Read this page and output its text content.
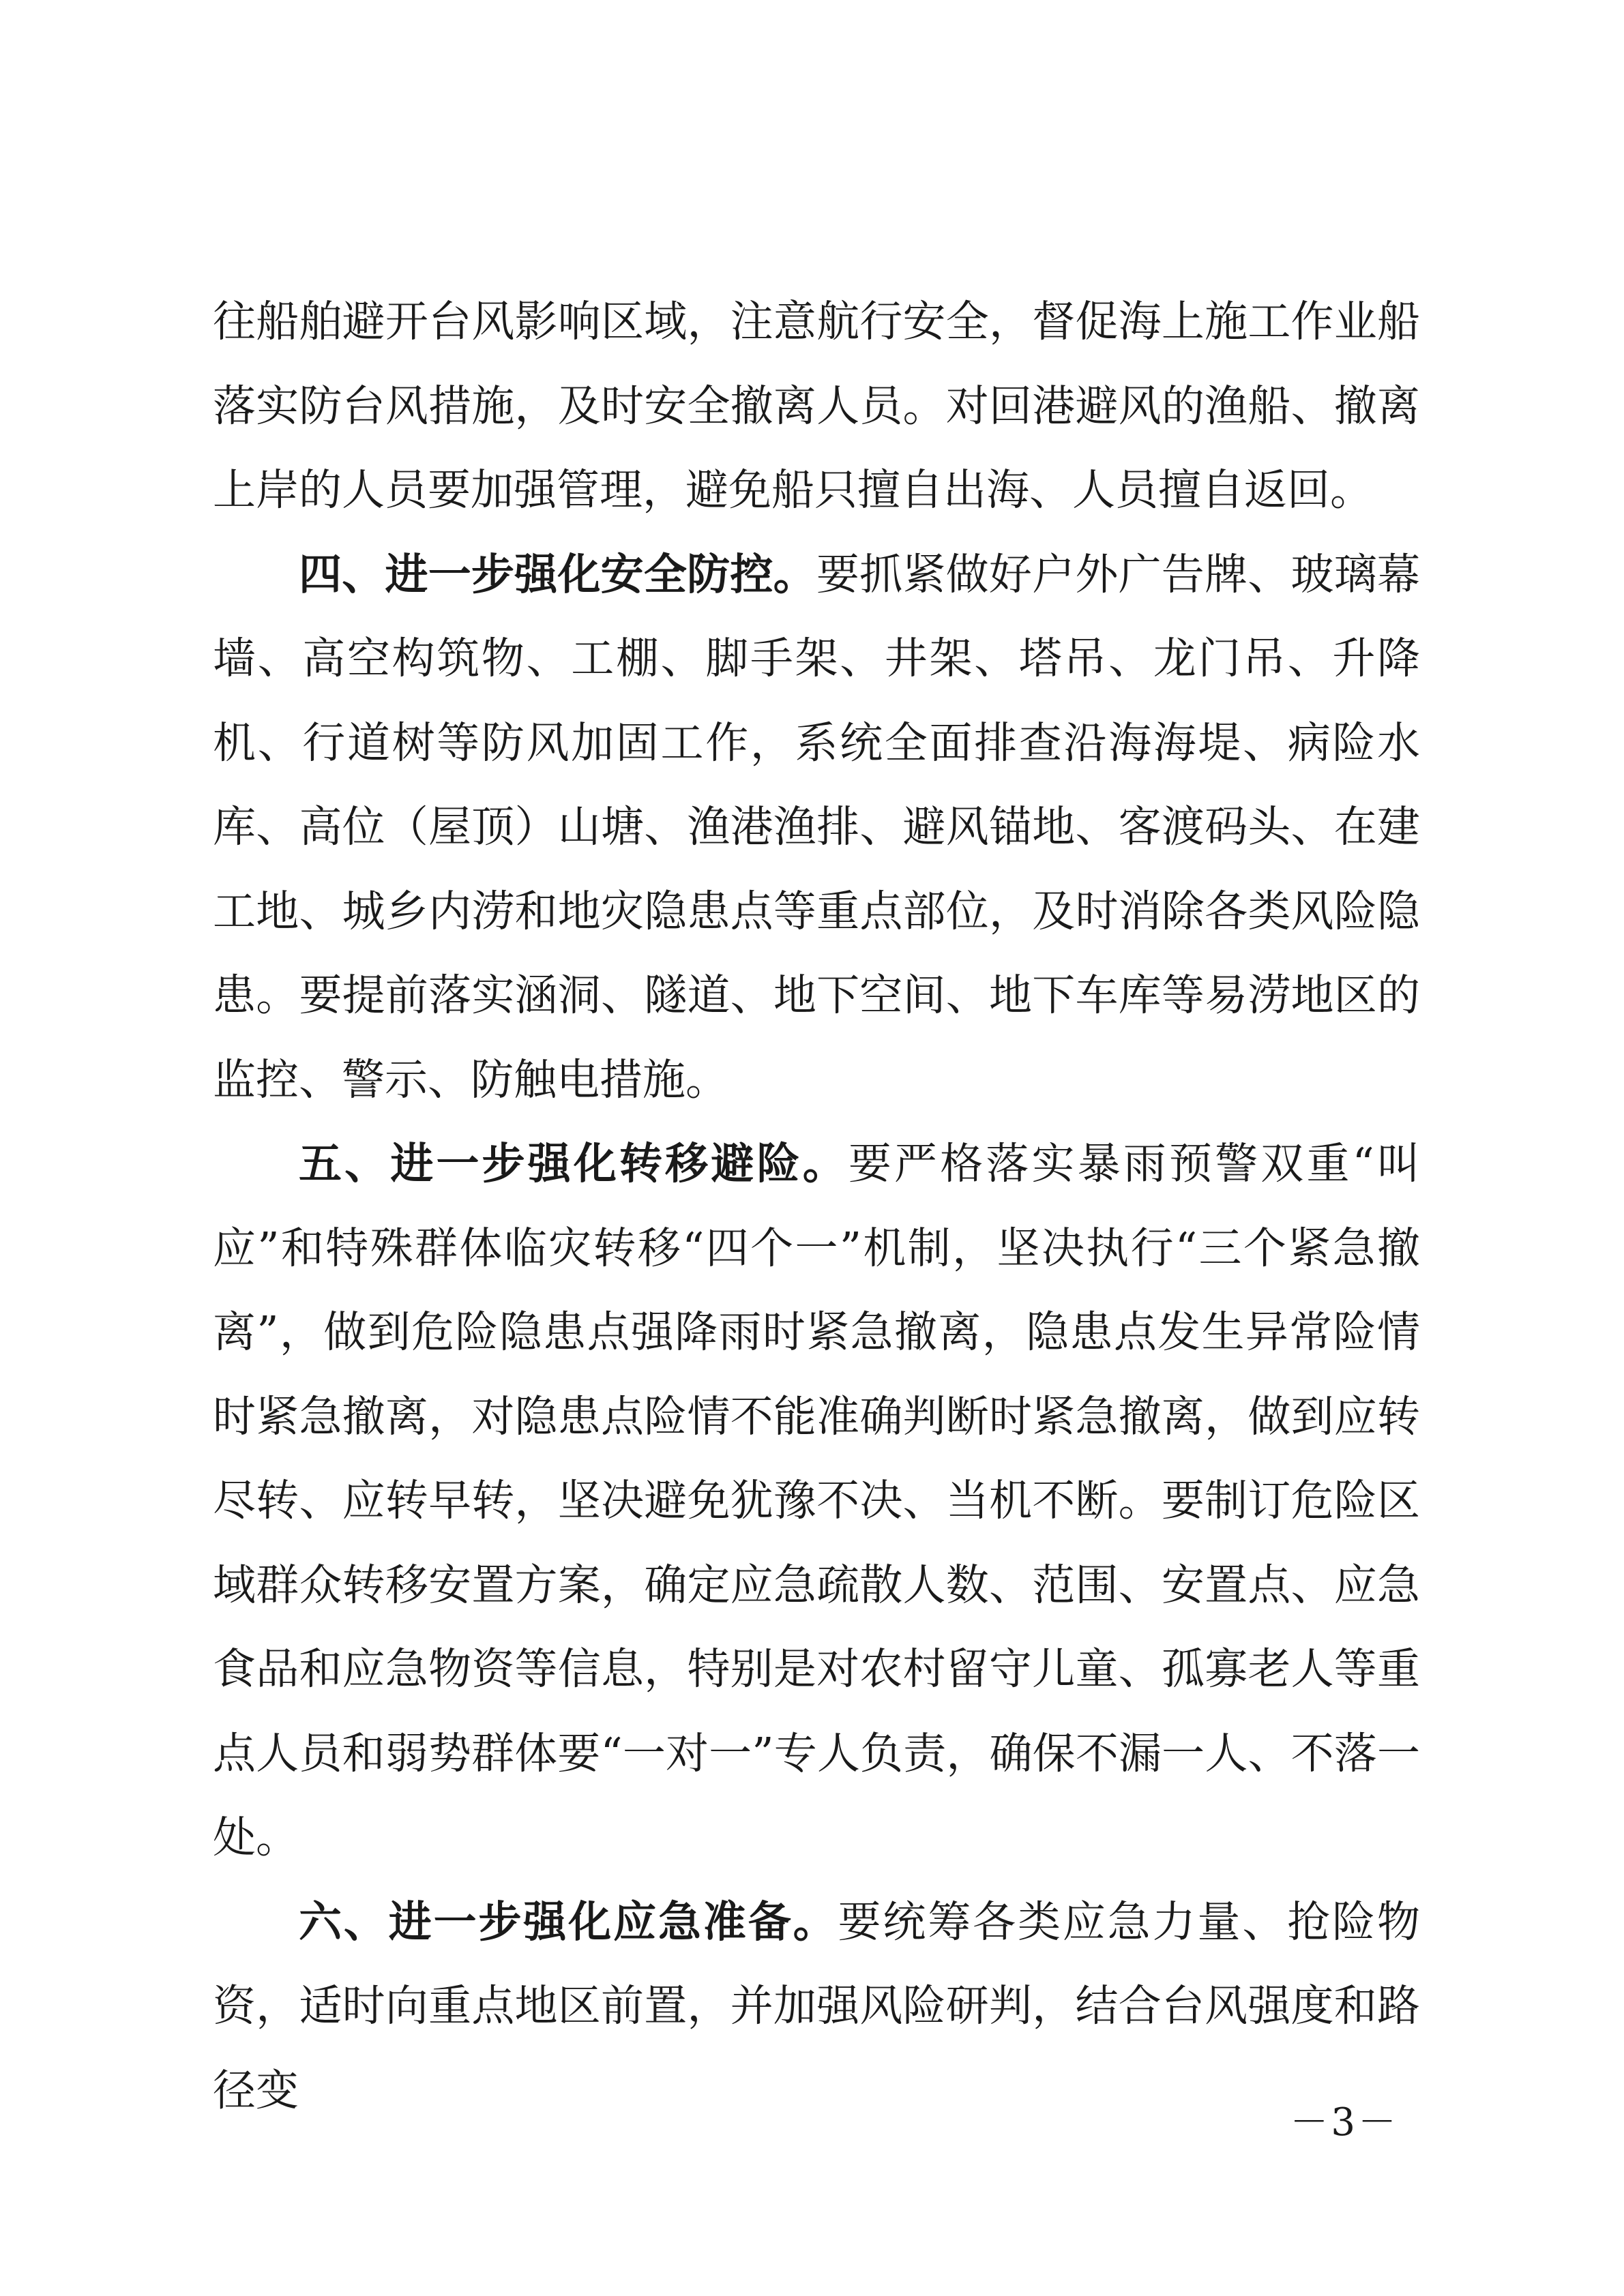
往船舶避开台风影响区域，注意航行安全，督促海上施工作业船落实防台风措施，及时安全撤离人员。对回港避风的渔船、撤离上岸的人员要加强管理，避免船只擅自出海、人员擅自返回。

四、进一步强化安全防控。要抓紧做好户外广告牌、玻璃幕墙、高空构筑物、工棚、脚手架、井架、塔吊、龙门吊、升降机、行道树等防风加固工作，系统全面排查沿海海堤、病险水库、高位（屋顶）山塘、渔港渔排、避风锚地、客渡码头、在建工地、城乡内涝和地灾隐患点等重点部位，及时消除各类风险隐患。要提前落实涵洞、隧道、地下空间、地下车库等易涝地区的监控、警示、防触电措施。

五、进一步强化转移避险。要严格落实暴雨预警双重“叫应”和特殊群体临灾转移“四个一”机制，坚决执行“三个紧急撤离”，做到危险隐患点强降雨时紧急撤离，隐患点发生异常险情时紧急撤离，对隐患点险情不能准确判断时紧急撤离，做到应转尽转、应转早转，坚决避免犹豫不决、当机不断。要制订危险区域群众转移安置方案，确定应急疏散人数、范围、安置点、应急食品和应急物资等信息，特别是对农村留守儿童、孤寡老人等重点人员和弱势群体要“一对一”专人负责，确保不漏一人、不落一处。

六、进一步强化应急准备。要统筹各类应急力量、抢险物资，适时向重点地区前置，并加强风险研判，结合台风强度和路径变

－3－
